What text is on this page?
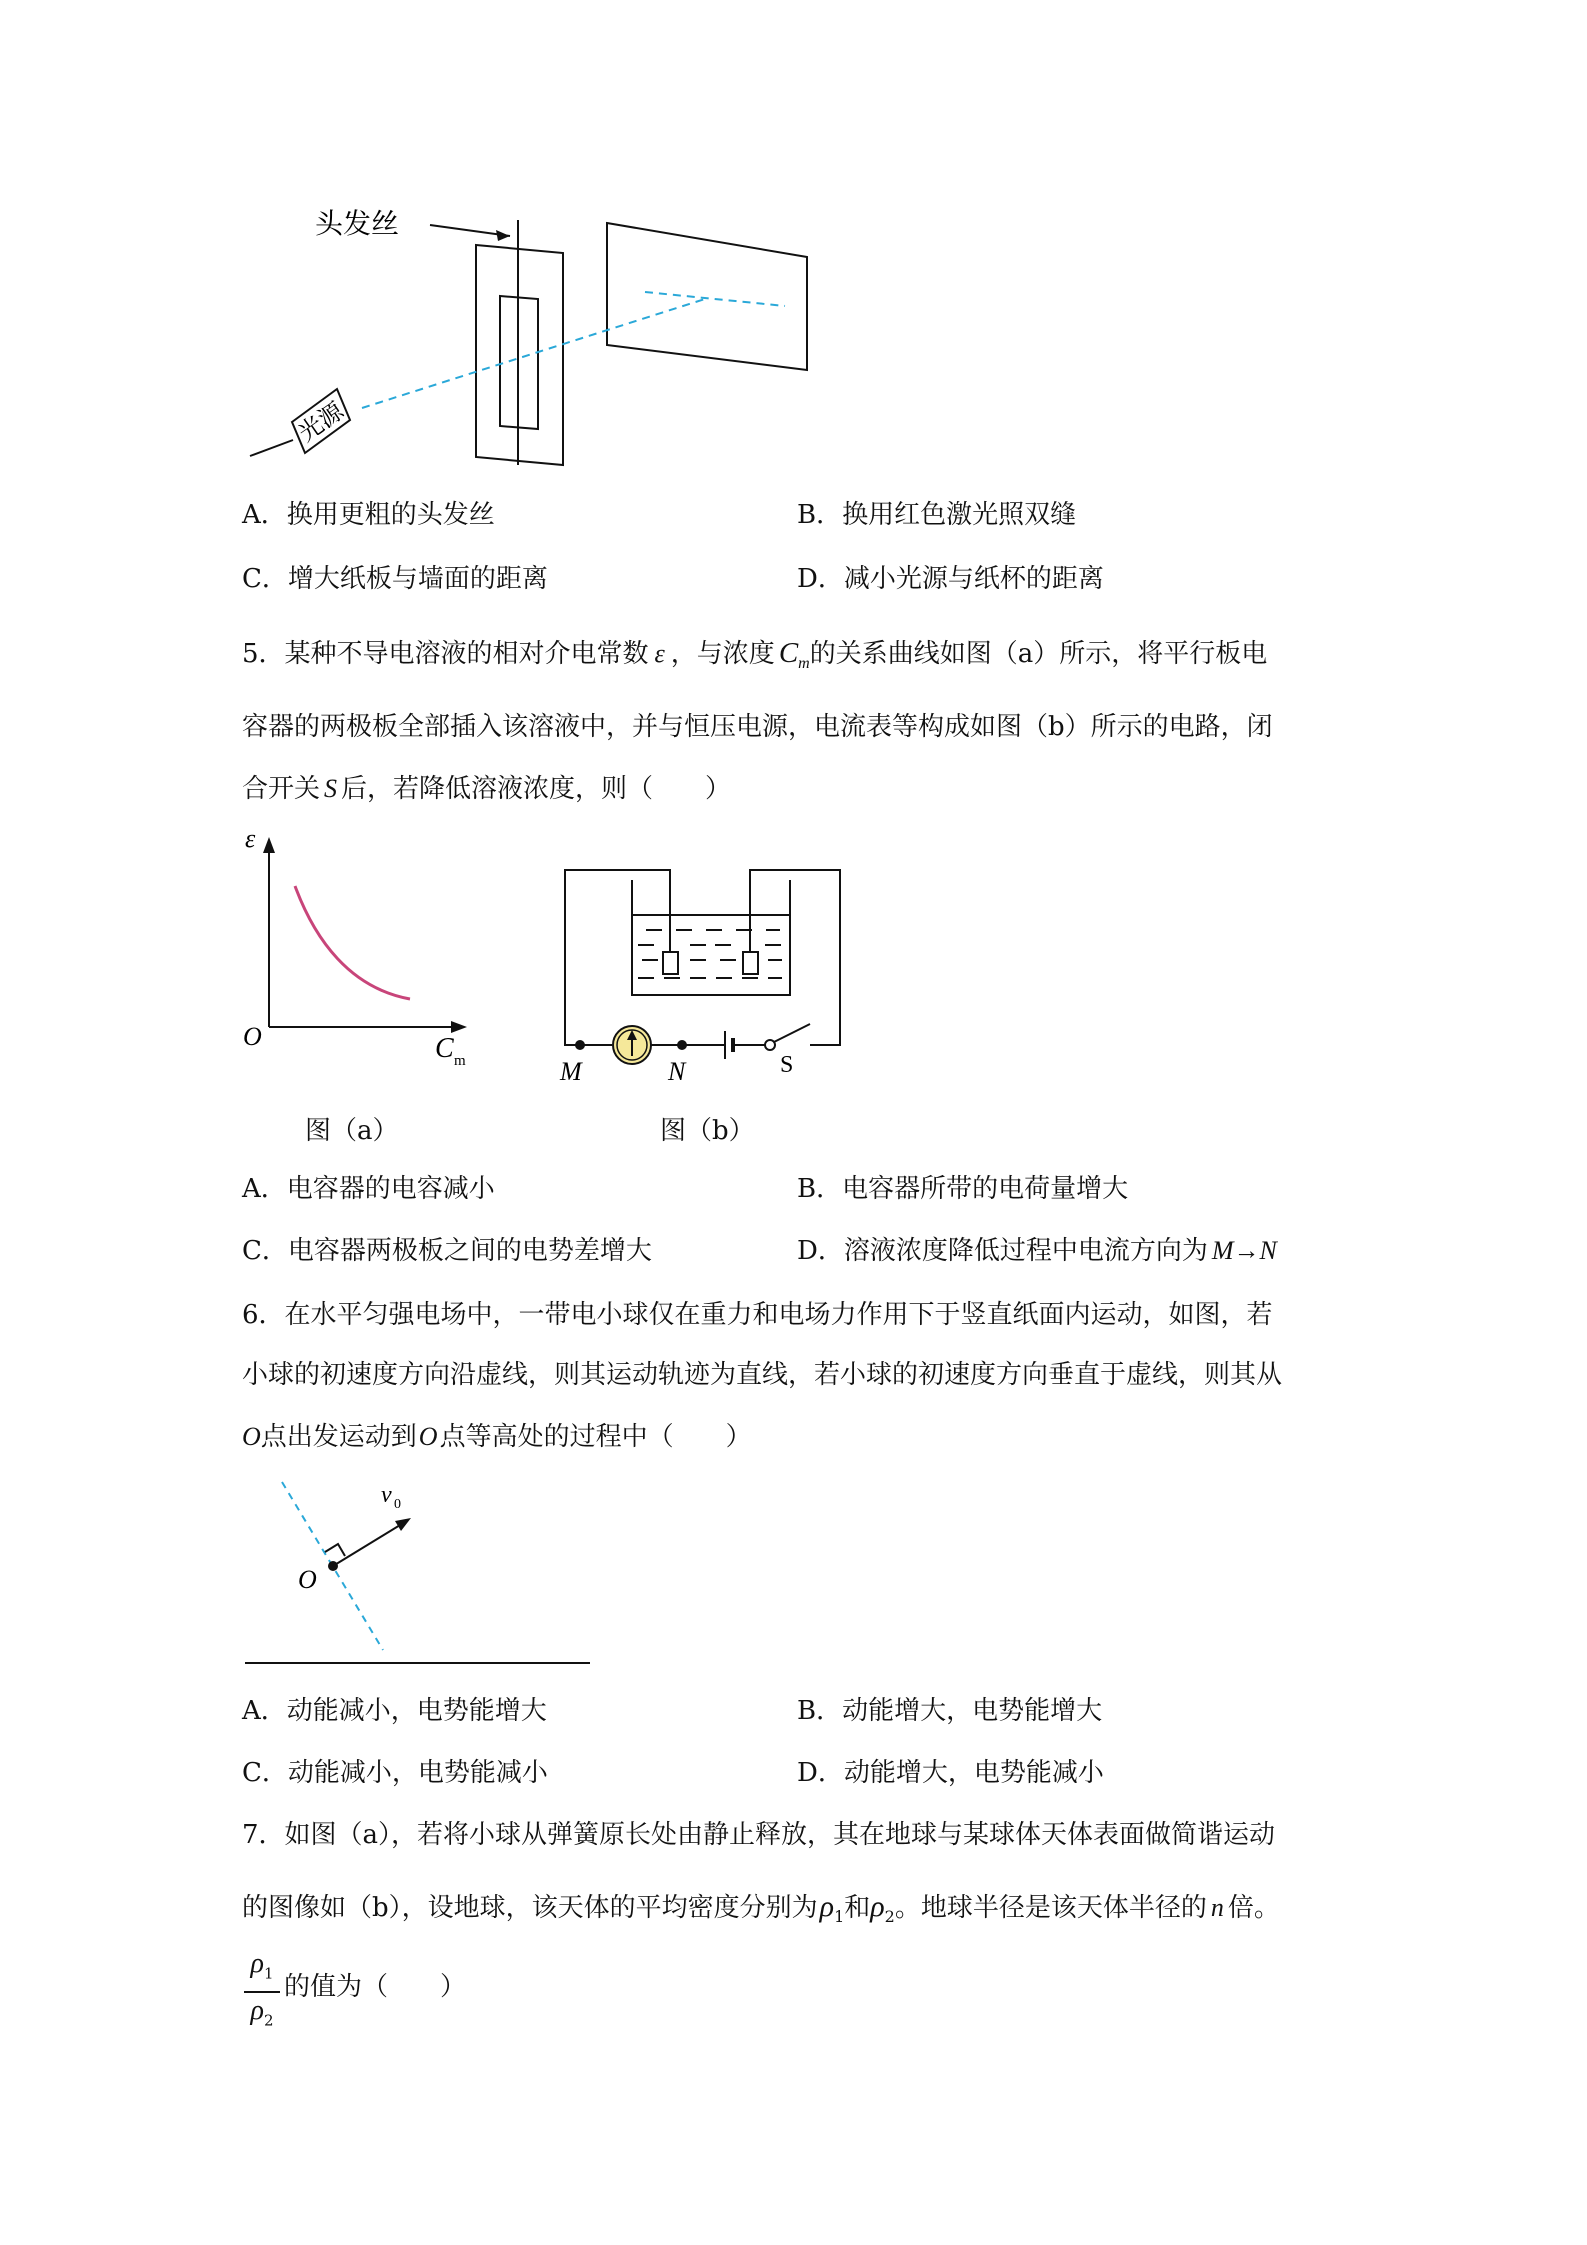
头发丝
光源
A．换用更粗的头发丝	B．换用红色激光照双缝
C．增大纸板与墙面的距离	D．减小光源与纸杯的距离
5．某种不导电溶液的相对介电常数 ε ，与浓度 $C_m$的关系曲线如图（a）所示，将平行板电
容器的两极板全部插入该溶液中，并与恒压电源，电流表等构成如图（b）所示的电路，闭
合开关 S 后，若降低溶液浓度，则（　　）
ε
O	C m
图（a）
M	N	S
图（b）
A．电容器的电容减小	B．电容器所带的电荷量增大
C．电容器两极板之间的电势差增大	D．溶液浓度降低过程中电流方向为 M→N
6．在水平匀强电场中，一带电小球仅在重力和电场力作用下于竖直纸面内运动，如图，若
小球的初速度方向沿虚线，则其运动轨迹为直线，若小球的初速度方向垂直于虚线，则其从
O点出发运动到O点等高处的过程中（　　）
v 0
O
A．动能减小，电势能增大	B．动能增大，电势能增大
C．动能减小，电势能减小	D．动能增大，电势能减小
7．如图（a），若将小球从弹簧原长处由静止释放，其在地球与某球体天体表面做简谐运动
的图像如（b），设地球，该天体的平均密度分别为$\rho_1$和$\rho_2$。地球半径是该天体半径的 n 倍。
$\rho_1$
$\rho_2$
的值为（　　）
